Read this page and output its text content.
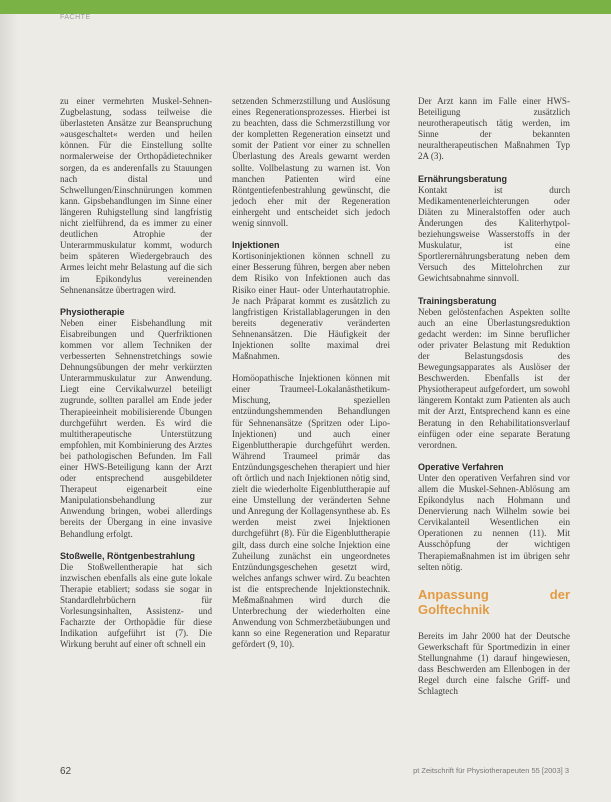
FACHTE

zu einer vermehrten Muskel-Sehnen-Zugbelastung, sodass teilweise die überlasteten Ansätze zur Beanspruchung »ausgeschaltet« werden und heilen können. Für die Einstellung sollte normalerweise der Orthopädietechniker sorgen, da es anderenfalls zu Stauungen nach distal und Schwellungen/Einschnürungen kommen kann. Gipsbehandlungen im Sinne einer längeren Ruhigstellung sind langfristig nicht zielführend, da es immer zu einer deutlichen Atrophie der Unterarmmuskulatur kommt, wodurch beim späteren Wiedergebrauch des Armes leicht mehr Belastung auf die sich im Epikondylus vereinenden Sehnenansätze übertragen wird.

Physiotherapie

Neben einer Eisbehandlung mit Eisabreibungen und Querfriktionen kommen vor allem Techniken der verbesserten Sehnenstretchings sowie Dehnungsübungen der mehr verkürzten Unterarmmuskulatur zur Anwendung. Liegt eine Cervikalwurzel beteiligt zugrunde, sollten parallel am Ende jeder Therapieeinheit mobilisierende Übungen durchgeführt werden. Es wird die multitherapeutische Unterstützung empfohlen, mit Kombinierung des Arztes bei pathologischen Befunden. Im Fall einer HWS-Beteiligung kann der Arzt oder entsprechend ausgebildeter Therapeut eigenarbeit eine Manipulationsbehandlung zur Anwendung bringen, wobei allerdings bereits der Übergang in eine invasive Behandlung erfolgt.

Stoßwelle, Röntgenbestrahlung

Die Stoßwellentherapie hat sich inzwischen ebenfalls als eine gute lokale Therapie etabliert; sodass sie sogar in Standardlehrbüchern für Vorlesungsinhalten, Assistenz- und Facharzte der Orthopädie für diese Indikation aufgeführt ist (7). Die Wirkung beruht auf einer oft schnell ein

setzenden Schmerzstillung und Auslösung eines Regenerationsprozesses. Hierbei ist zu beachten, dass die Schmerzstillung vor der kompletten Regeneration einsetzt und somit der Patient vor einer zu schnellen Überlastung des Areals gewarnt werden sollte. Vollbelastung zu warnen ist. Von manchen Patienten wird eine Röntgentiefenbestrahlung gewünscht, die jedoch eher mit der Regeneration einhergeht und entscheidet sich jedoch wenig sinnvoll.

Injektionen

Kortisoninjektionen können schnell zu einer Besserung führen, bergen aber neben dem Risiko von Infektionen auch das Risiko einer Haut- oder Unterhautatrophie. Je nach Präparat kommt es zusätzlich zu langfristigen Kristallablagerungen in den bereits degenerativ veränderten Sehnenansätzen. Die Häufigkeit der Injektionen sollte maximal drei Maßnahmen.

Homöopathische Injektionen können mit einer Traumeel-Lokalanästhetikum-Mischung, speziellen entzündungshemmenden Behandlungen für Sehnenansätze (Spritzen oder Lipo-Injektionen) und auch einer Eigenbluttherapie durchgeführt werden. Während Traumeel primär das Entzündungsgeschehen therapiert und hier oft örtlich und nach Injektionen nötig sind, zielt die wiederholte Eigenbluttherapie auf eine Umstellung der veränderten Sehne und Anregung der Kollagensynthese ab. Es werden meist zwei Injektionen durchgeführt (8). Für die Eigenbluttherapie gilt, dass durch eine solche Injektion eine Zuheilung zunächst ein ungeordnetes Entzündungsgeschehen gesetzt wird, welches anfangs schwer wird. Zu beachten ist die entsprechende Injektionstechnik. Meßmaßnahmen wird durch die Unterbrechung der wiederholten eine Anwendung von Schmerzbetäubungen und kann so eine Regeneration und Reparatur gefördert (9, 10).

Der Arzt kann im Falle einer HWS-Beteiligung zusätzlich neurotherapeutisch tätig werden, im Sinne der bekannten neuraltherapeutischen Maßnahmen Typ 2A (3).

Ernährungsberatung

Kontakt ist durch Medikamentenerleichterungen oder Diäten zu Mineralstoffen oder auch Änderungen des Kaliterhytpol- beziehungsweise Wasserstoffs in der Muskulatur, ist eine Sportlerernährungsberatung neben dem Versuch des Mittelohrchen zur Gewichtsabnahme sinnvoll.

Trainingsberatung

Neben gelöstenfachen Aspekten sollte auch an eine Überlastungsreduktion gedacht werden: im Sinne beruflicher oder privater Belastung mit Reduktion der Belastungsdosis des Bewegungsapparates als Auslöser der Beschwerden. Ebenfalls ist der Physiotherapeut aufgefordert, um sowohl längerem Kontakt zum Patienten als auch mit der Arzt, Entsprechend kann es eine Beratung in den Rehabilitationsverlauf einfügen oder eine separate Beratung verordnen.

Operative Verfahren

Unter den operativen Verfahren sind vor allem die Muskel-Sehnen-Ablösung am Epikondylus nach Hohmann und Denervierung nach Wilhelm sowie bei Cervikalanteil Wesentlichen ein Operationen zu nennen (11). Mit Ausschöpfung der wichtigen Therapiemaßnahmen ist im übrigen sehr selten nötig.

Anpassung der Golftechnik

Bereits im Jahr 2000 hat der Deutsche Gewerkschaft für Sportmedizin in einer Stellungnahme (1) darauf hingewiesen, dass Beschwerden am Ellenbogen in der Regel durch eine falsche Griff- und Schlagtech

62	pt Zeitschrift für Physiotherapeuten 55 [2003] 3
